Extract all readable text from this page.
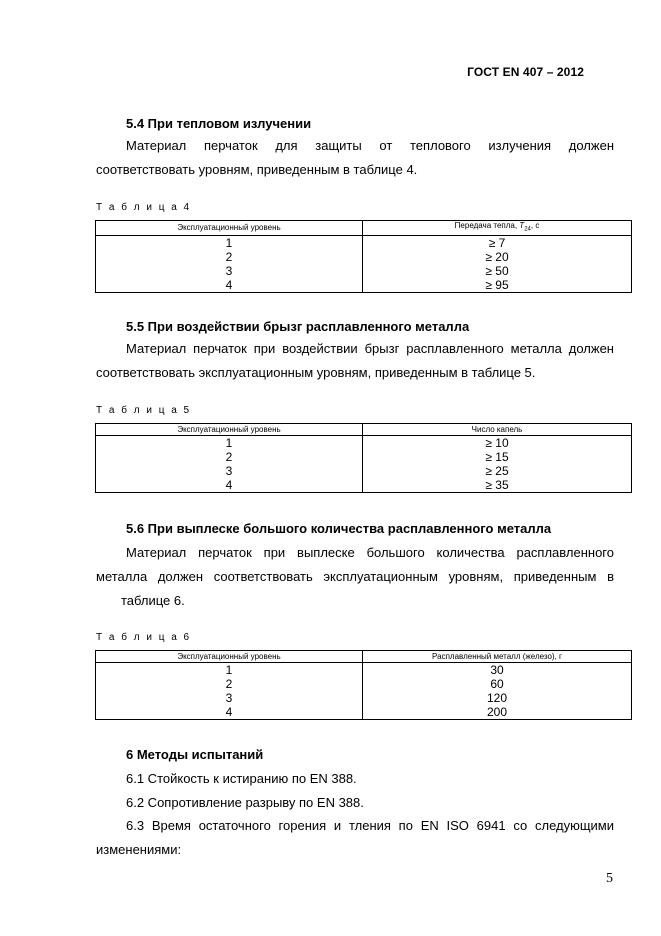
ГОСТ EN 407 – 2012
5.4 При тепловом излучении
Материал перчаток для защиты от теплового излучения должен
соответствовать уровням, приведенным в таблице 4.
Т а б л и ц а 4
Эксплуатационный уровень	Передача тепла, $T_{24}$, с
1	≥ 7
2	≥ 20
3	≥ 50
4	≥ 95
5.5 При воздействии брызг расплавленного металла
Материал перчаток при воздействии брызг расплавленного металла должен
соответствовать эксплуатационным уровням, приведенным в таблице 5.
Т а б л и ц а 5
Эксплуатационный уровень	Число капель
1	≥ 10
2	≥ 15
3	≥ 25
4	≥ 35
5.6 При выплеске большого количества расплавленного металла
Материал перчаток при выплеске большого количества расплавленного
металла должен соответствовать эксплуатационным уровням, приведенным в
таблице 6.
Т а б л и ц а 6
Эксплуатационный уровень	Расплавленный металл (железо), г
1	30
2	60
3	120
4	200
6 Методы испытаний
6.1 Стойкость к истиранию по EN 388.
6.2 Сопротивление разрыву по EN 388.
6.3 Время остаточного горения и тления по EN ISO 6941 со следующими
изменениями:
5
